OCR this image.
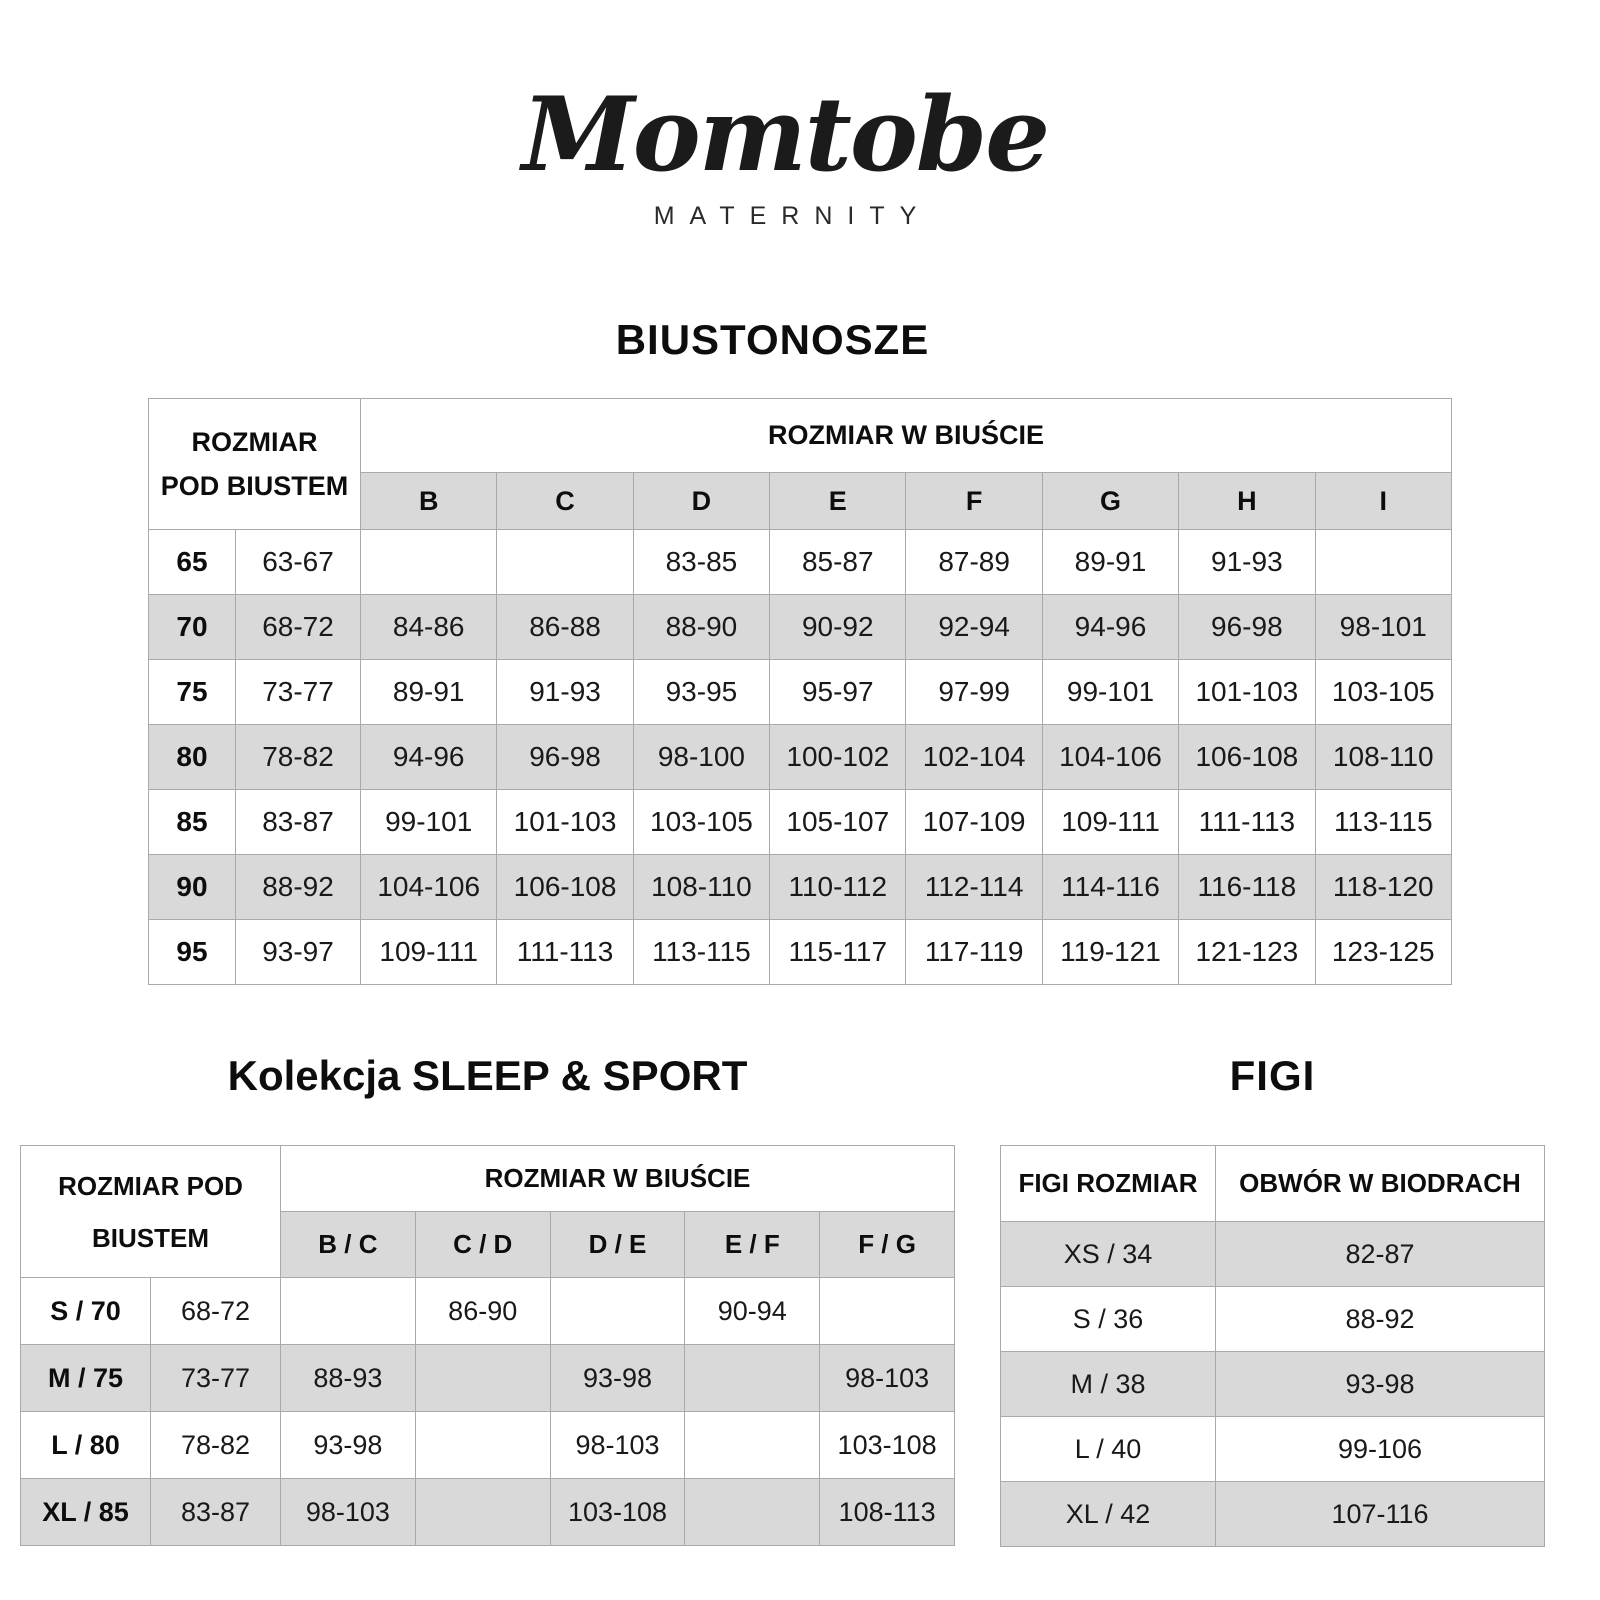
Momtobe
MATERNITY
BIUSTONOSZE
ROZMIAR
POD BIUSTEM		ROZMIAR W BIUŚCIE							
		B	C	D	E	F	G	H	I
65	63-67			83-85	85-87	87-89	89-91	91-93	
70	68-72	84-86	86-88	88-90	90-92	92-94	94-96	96-98	98-101
75	73-77	89-91	91-93	93-95	95-97	97-99	99-101	101-103	103-105
80	78-82	94-96	96-98	98-100	100-102	102-104	104-106	106-108	108-110
85	83-87	99-101	101-103	103-105	105-107	107-109	109-111	111-113	113-115
90	88-92	104-106	106-108	108-110	110-112	112-114	114-116	116-118	118-120
95	93-97	109-111	111-113	113-115	115-117	117-119	119-121	121-123	123-125
Kolekcja SLEEP & SPORT
ROZMIAR POD
BIUSTEM		ROZMIAR W BIUŚCIE				
		B / C	C / D	D / E	E / F	F / G
S / 70	68-72		86-90		90-94	
M / 75	73-77	88-93		93-98		98-103
L / 80	78-82	93-98		98-103		103-108
XL / 85	83-87	98-103		103-108		108-113
FIGI
FIGI ROZMIAR	OBWÓR W BIODRACH
XS / 34	82-87
S / 36	88-92
M / 38	93-98
L / 40	99-106
XL / 42	107-116
